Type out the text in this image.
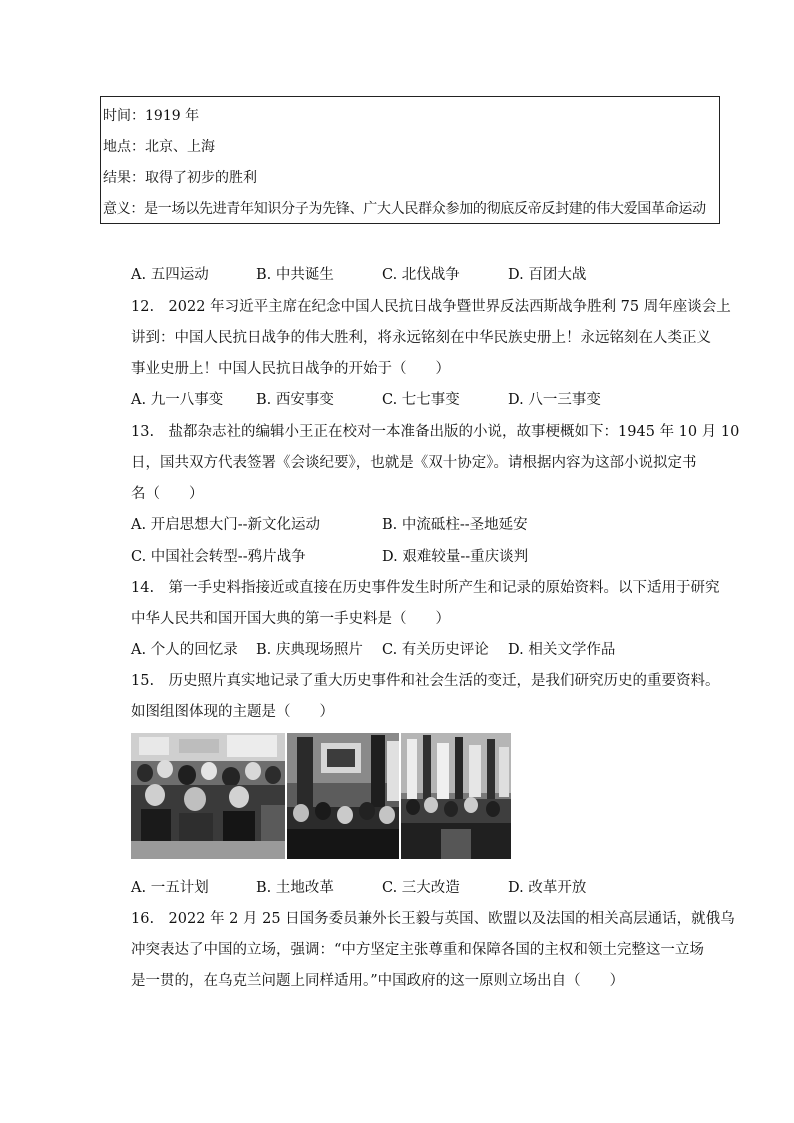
时间：1919 年
地点：北京、上海
结果：取得了初步的胜利
意义：是一场以先进青年知识分子为先锋、广大人民群众参加的彻底反帝反封建的伟大爱国革命运动
A. 五四运动	B. 中共诞生	C. 北伐战争	D. 百团大战
12.　2022 年习近平主席在纪念中国人民抗日战争暨世界反法西斯战争胜利 75 周年座谈会上
讲到：中国人民抗日战争的伟大胜利，将永远铭刻在中华民族史册上！永远铭刻在人类正义
事业史册上！中国人民抗日战争的开始于（　　）
A. 九一八事变 B. 西安事变	C. 七七事变	D. 八一三事变
13.　盐都杂志社的编辑小王正在校对一本准备出版的小说，故事梗概如下：1945 年 10 月 10
日，国共双方代表签署《会谈纪要》，也就是《双十协定》。请根据内容为这部小说拟定书
名（　　）
A. 开启思想大门--新文化运动	B. 中流砥柱--圣地延安
C. 中国社会转型--鸦片战争	D. 艰难较量--重庆谈判
14.　第一手史料指接近或直接在历史事件发生时所产生和记录的原始资料。以下适用于研究
中华人民共和国开国大典的第一手史料是（　　）
A. 个人的回忆录 B. 庆典现场照片 C. 有关历史评论 D. 相关文学作品
15.　历史照片真实地记录了重大历史事件和社会生活的变迁，是我们研究历史的重要资料。
如图组图体现的主题是（　　）
A. 一五计划	B. 土地改革	C. 三大改造	D. 改革开放
16.　2022 年 2 月 25 日国务委员兼外长王毅与英国、欧盟以及法国的相关高层通话，就俄乌
冲突表达了中国的立场，强调：“中方坚定主张尊重和保障各国的主权和领土完整这一立场
是一贯的，在乌克兰问题上同样适用。”中国政府的这一原则立场出自（　　）
